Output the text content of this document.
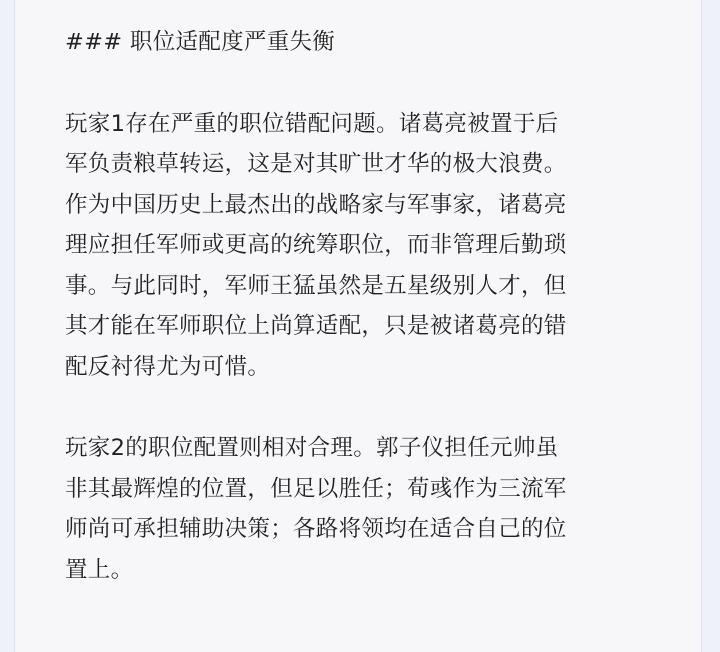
### 职位适配度严重失衡
玩家1存在严重的职位错配问题。诸葛亮被置于后
军负责粮草转运，这是对其旷世才华的极大浪费。
作为中国历史上最杰出的战略家与军事家，诸葛亮
理应担任军师或更高的统筹职位，而非管理后勤琐
事。与此同时，军师王猛虽然是五星级别人才，但
其才能在军师职位上尚算适配，只是被诸葛亮的错
配反衬得尤为可惜。
玩家2的职位配置则相对合理。郭子仪担任元帅虽
非其最辉煌的位置，但足以胜任；荀彧作为三流军
师尚可承担辅助决策；各路将领均在适合自己的位
置上。
